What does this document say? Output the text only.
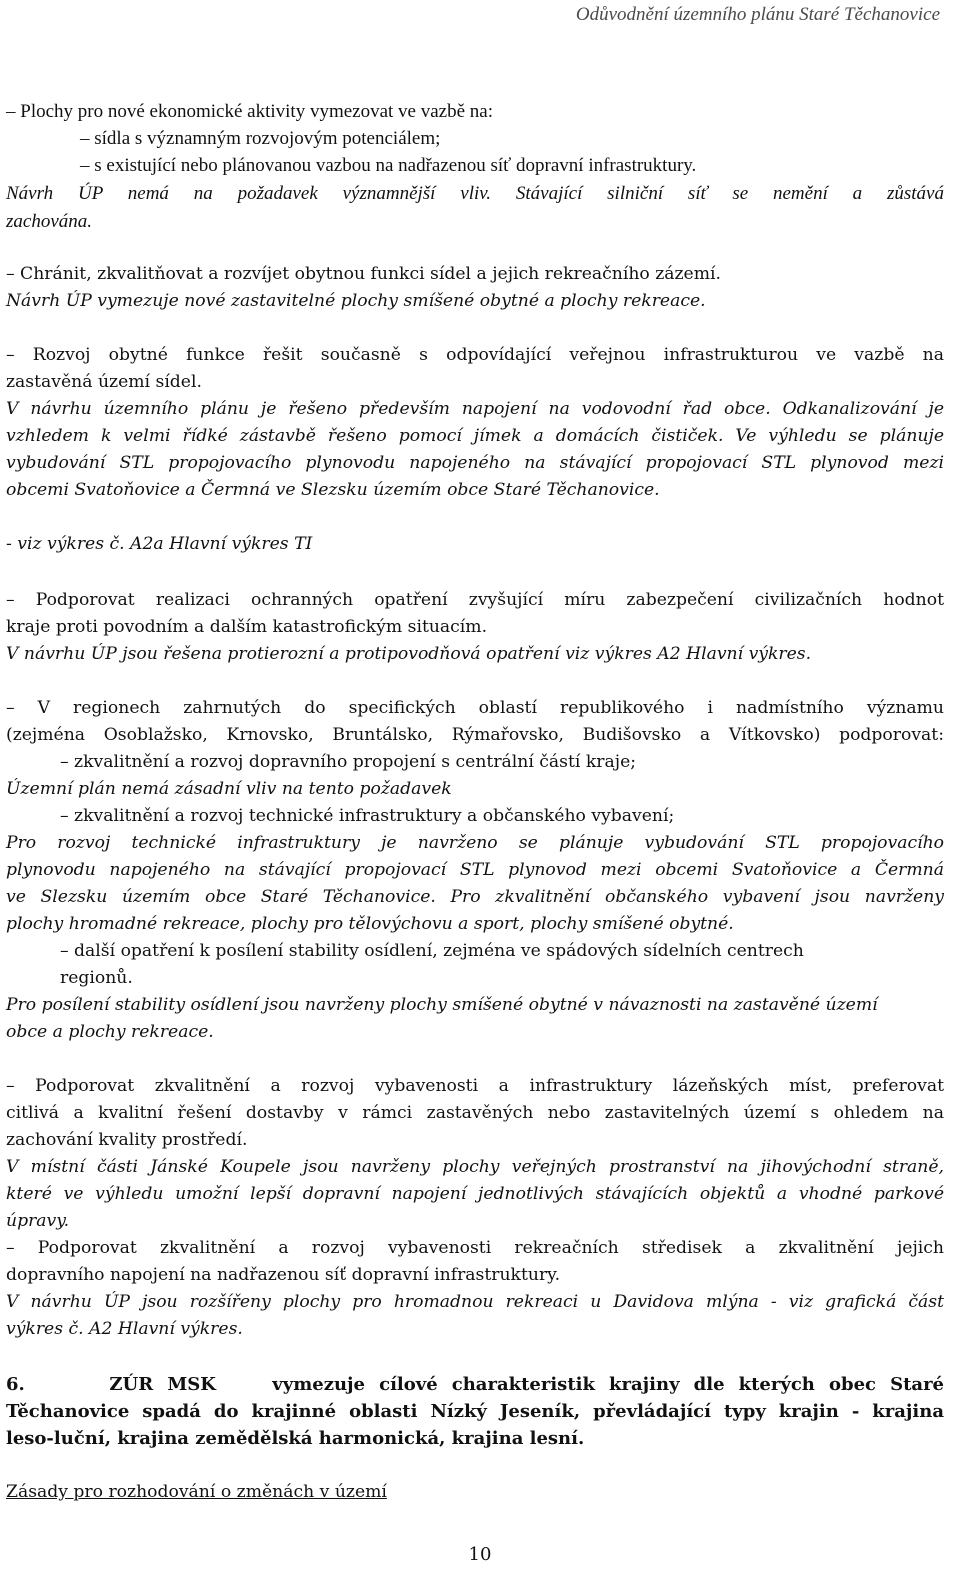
Odůvodnění územního plánu Staré Těchanovice
– Plochy pro nové ekonomické aktivity vymezovat ve vazbě na:
– sídla s významným rozvojovým potenciálem;
– s existující nebo plánovanou vazbou na nadřazenou síť dopravní infrastruktury.
Návrh ÚP nemá na požadavek významnější vliv. Stávající silniční síť se nemění a zůstává
zachována.
– Chránit, zkvalitňovat a rozvíjet obytnou funkci sídel a jejich rekreačního zázemí.
Návrh ÚP vymezuje nové zastavitelné plochy smíšené obytné a plochy rekreace.
– Rozvoj obytné funkce řešit současně s odpovídající veřejnou infrastrukturou ve vazbě na
zastavěná území sídel.
V návrhu územního plánu je řešeno především napojení na vodovodní řad obce. Odkanalizování je
vzhledem k velmi řídké zástavbě řešeno pomocí jímek a domácích čističek. Ve výhledu se plánuje
vybudování STL propojovacího plynovodu napojeného na stávající propojovací STL plynovod mezi
obcemi Svatoňovice a Čermná ve Slezsku územím obce Staré Těchanovice.
- viz výkres č. A2a Hlavní výkres TI
– Podporovat realizaci ochranných opatření zvyšující míru zabezpečení civilizačních hodnot
kraje proti povodním a dalším katastrofickým situacím.
V návrhu ÚP jsou řešena protierozní a protipovodňová opatření viz výkres A2 Hlavní výkres.
– V regionech zahrnutých do specifických oblastí republikového i nadmístního významu
(zejména Osoblažsko, Krnovsko, Bruntálsko, Rýmařovsko, Budišovsko a Vítkovsko) podporovat:
– zkvalitnění a rozvoj dopravního propojení s centrální částí kraje;
Územní plán nemá zásadní vliv na tento požadavek
– zkvalitnění a rozvoj technické infrastruktury a občanského vybavení;
Pro rozvoj technické infrastruktury je navrženo se plánuje vybudování STL propojovacího
plynovodu napojeného na stávající propojovací STL plynovod mezi obcemi Svatoňovice a Čermná
ve Slezsku územím obce Staré Těchanovice. Pro zkvalitnění občanského vybavení jsou navrženy
plochy hromadné rekreace, plochy pro tělovýchovu a sport, plochy smíšené obytné.
– další opatření k posílení stability osídlení, zejména ve spádových sídelních centrech
regionů.
Pro posílení stability osídlení jsou navrženy plochy smíšené obytné v návaznosti na zastavěné území
obce a plochy rekreace.
– Podporovat zkvalitnění a rozvoj vybavenosti a infrastruktury lázeňských míst, preferovat
citlivá a kvalitní řešení dostavby v rámci zastavěných nebo zastavitelných území s ohledem na
zachování kvality prostředí.
V místní části Jánské Koupele jsou navrženy plochy veřejných prostranství na jihovýchodní straně,
které ve výhledu umožní lepší dopravní napojení jednotlivých stávajících objektů a vhodné parkové
úpravy.
– Podporovat zkvalitnění a rozvoj vybavenosti rekreačních středisek a zkvalitnění jejich
dopravního napojení na nadřazenou síť dopravní infrastruktury.
V návrhu ÚP jsou rozšířeny plochy pro hromadnou rekreaci u Davidova mlýna - viz grafická část
výkres č. A2 Hlavní výkres.
6.      ZÚR MSK    vymezuje cílové charakteristik krajiny dle kterých obec Staré
Těchanovice spadá do krajinné oblasti Nízký Jeseník, převládající typy krajin - krajina
leso-luční, krajina zemědělská harmonická, krajina lesní.
Zásady pro rozhodování o změnách v území
10
